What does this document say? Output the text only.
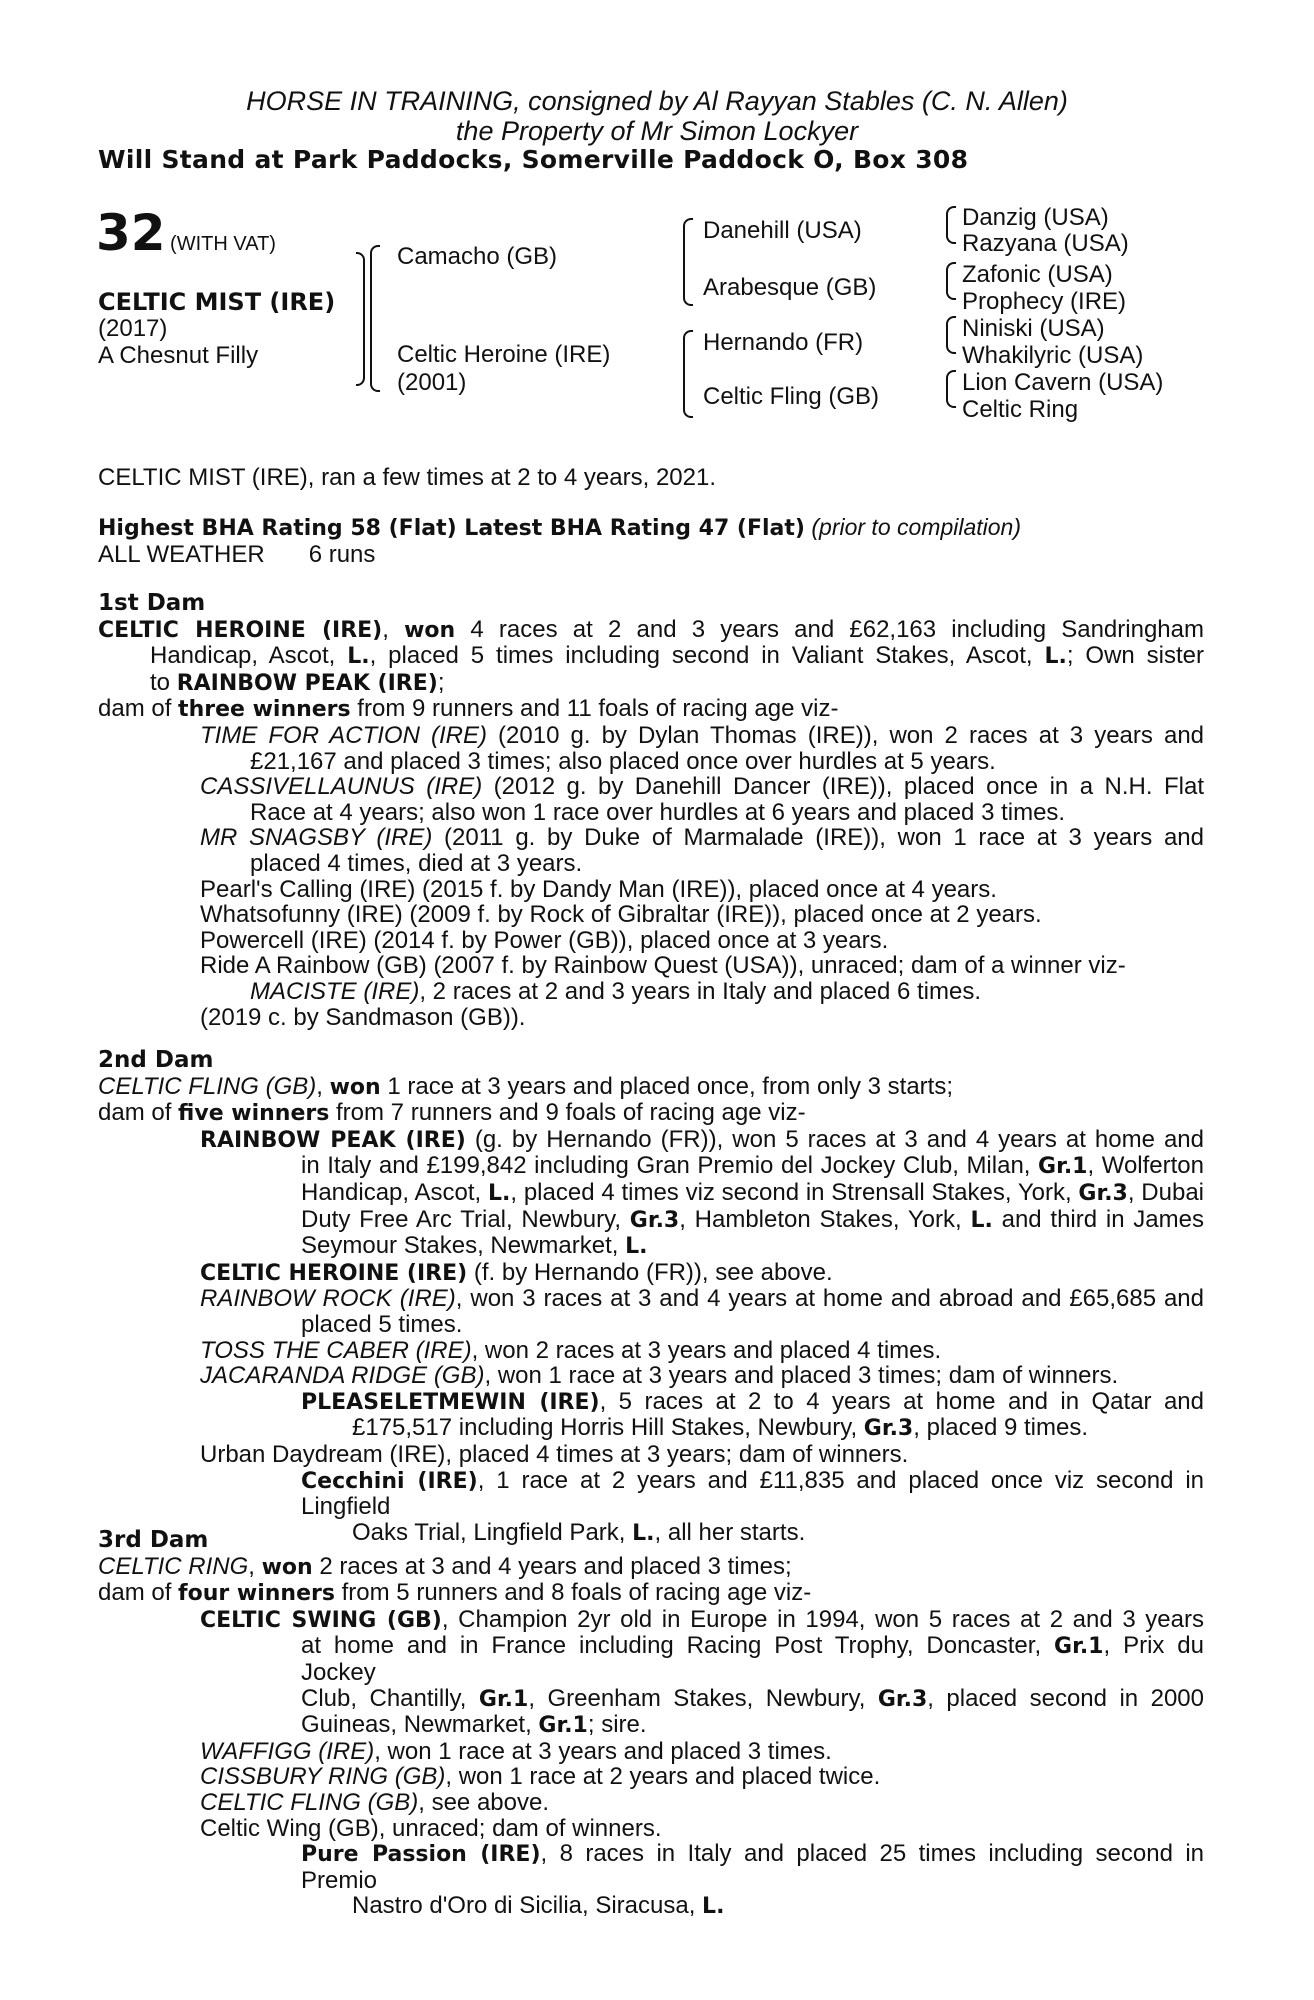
HORSE IN TRAINING, consigned by Al Rayyan Stables (C. N. Allen)
the Property of Mr Simon Lockyer
Will Stand at Park Paddocks, Somerville Paddock O, Box 308
32 (WITH VAT)
CELTIC MIST (IRE)
(2017)
A Chesnut Filly
Camacho (GB)
Celtic Heroine (IRE)
(2001)
Danehill (USA)
Arabesque (GB)
Hernando (FR)
Celtic Fling (GB)
Danzig (USA)
Razyana (USA)
Zafonic (USA)
Prophecy (IRE)
Niniski (USA)
Whakilyric (USA)
Lion Cavern (USA)
Celtic Ring
CELTIC MIST (IRE), ran a few times at 2 to 4 years, 2021.
Highest BHA Rating 58 (Flat) Latest BHA Rating 47 (Flat) (prior to compilation)
ALL WEATHER 6 runs
1st Dam
CELTIC HEROINE (IRE), won 4 races at 2 and 3 years and £62,163 including Sandringham
Handicap, Ascot, L., placed 5 times including second in Valiant Stakes, Ascot, L.; Own sister
to RAINBOW PEAK (IRE);
dam of three winners from 9 runners and 11 foals of racing age viz-
TIME FOR ACTION (IRE) (2010 g. by Dylan Thomas (IRE)), won 2 races at 3 years and
£21,167 and placed 3 times; also placed once over hurdles at 5 years.
CASSIVELLAUNUS (IRE) (2012 g. by Danehill Dancer (IRE)), placed once in a N.H. Flat
Race at 4 years; also won 1 race over hurdles at 6 years and placed 3 times.
MR SNAGSBY (IRE) (2011 g. by Duke of Marmalade (IRE)), won 1 race at 3 years and
placed 4 times, died at 3 years.
Pearl's Calling (IRE) (2015 f. by Dandy Man (IRE)), placed once at 4 years.
Whatsofunny (IRE) (2009 f. by Rock of Gibraltar (IRE)), placed once at 2 years.
Powercell (IRE) (2014 f. by Power (GB)), placed once at 3 years.
Ride A Rainbow (GB) (2007 f. by Rainbow Quest (USA)), unraced; dam of a winner viz-
MACISTE (IRE), 2 races at 2 and 3 years in Italy and placed 6 times.
(2019 c. by Sandmason (GB)).
2nd Dam
CELTIC FLING (GB), won 1 race at 3 years and placed once, from only 3 starts;
dam of five winners from 7 runners and 9 foals of racing age viz-
RAINBOW PEAK (IRE) (g. by Hernando (FR)), won 5 races at 3 and 4 years at home and
in Italy and £199,842 including Gran Premio del Jockey Club, Milan, Gr.1, Wolferton
Handicap, Ascot, L., placed 4 times viz second in Strensall Stakes, York, Gr.3, Dubai
Duty Free Arc Trial, Newbury, Gr.3, Hambleton Stakes, York, L. and third in James
Seymour Stakes, Newmarket, L.
CELTIC HEROINE (IRE) (f. by Hernando (FR)), see above.
RAINBOW ROCK (IRE), won 3 races at 3 and 4 years at home and abroad and £65,685 and
placed 5 times.
TOSS THE CABER (IRE), won 2 races at 3 years and placed 4 times.
JACARANDA RIDGE (GB), won 1 race at 3 years and placed 3 times; dam of winners.
PLEASELETMEWIN (IRE), 5 races at 2 to 4 years at home and in Qatar and
£175,517 including Horris Hill Stakes, Newbury, Gr.3, placed 9 times.
Urban Daydream (IRE), placed 4 times at 3 years; dam of winners.
Cecchini (IRE), 1 race at 2 years and £11,835 and placed once viz second in Lingfield
Oaks Trial, Lingfield Park, L., all her starts.
3rd Dam
CELTIC RING, won 2 races at 3 and 4 years and placed 3 times;
dam of four winners from 5 runners and 8 foals of racing age viz-
CELTIC SWING (GB), Champion 2yr old in Europe in 1994, won 5 races at 2 and 3 years
at home and in France including Racing Post Trophy, Doncaster, Gr.1, Prix du Jockey
Club, Chantilly, Gr.1, Greenham Stakes, Newbury, Gr.3, placed second in 2000
Guineas, Newmarket, Gr.1; sire.
WAFFIGG (IRE), won 1 race at 3 years and placed 3 times.
CISSBURY RING (GB), won 1 race at 2 years and placed twice.
CELTIC FLING (GB), see above.
Celtic Wing (GB), unraced; dam of winners.
Pure Passion (IRE), 8 races in Italy and placed 25 times including second in Premio
Nastro d'Oro di Sicilia, Siracusa, L.
